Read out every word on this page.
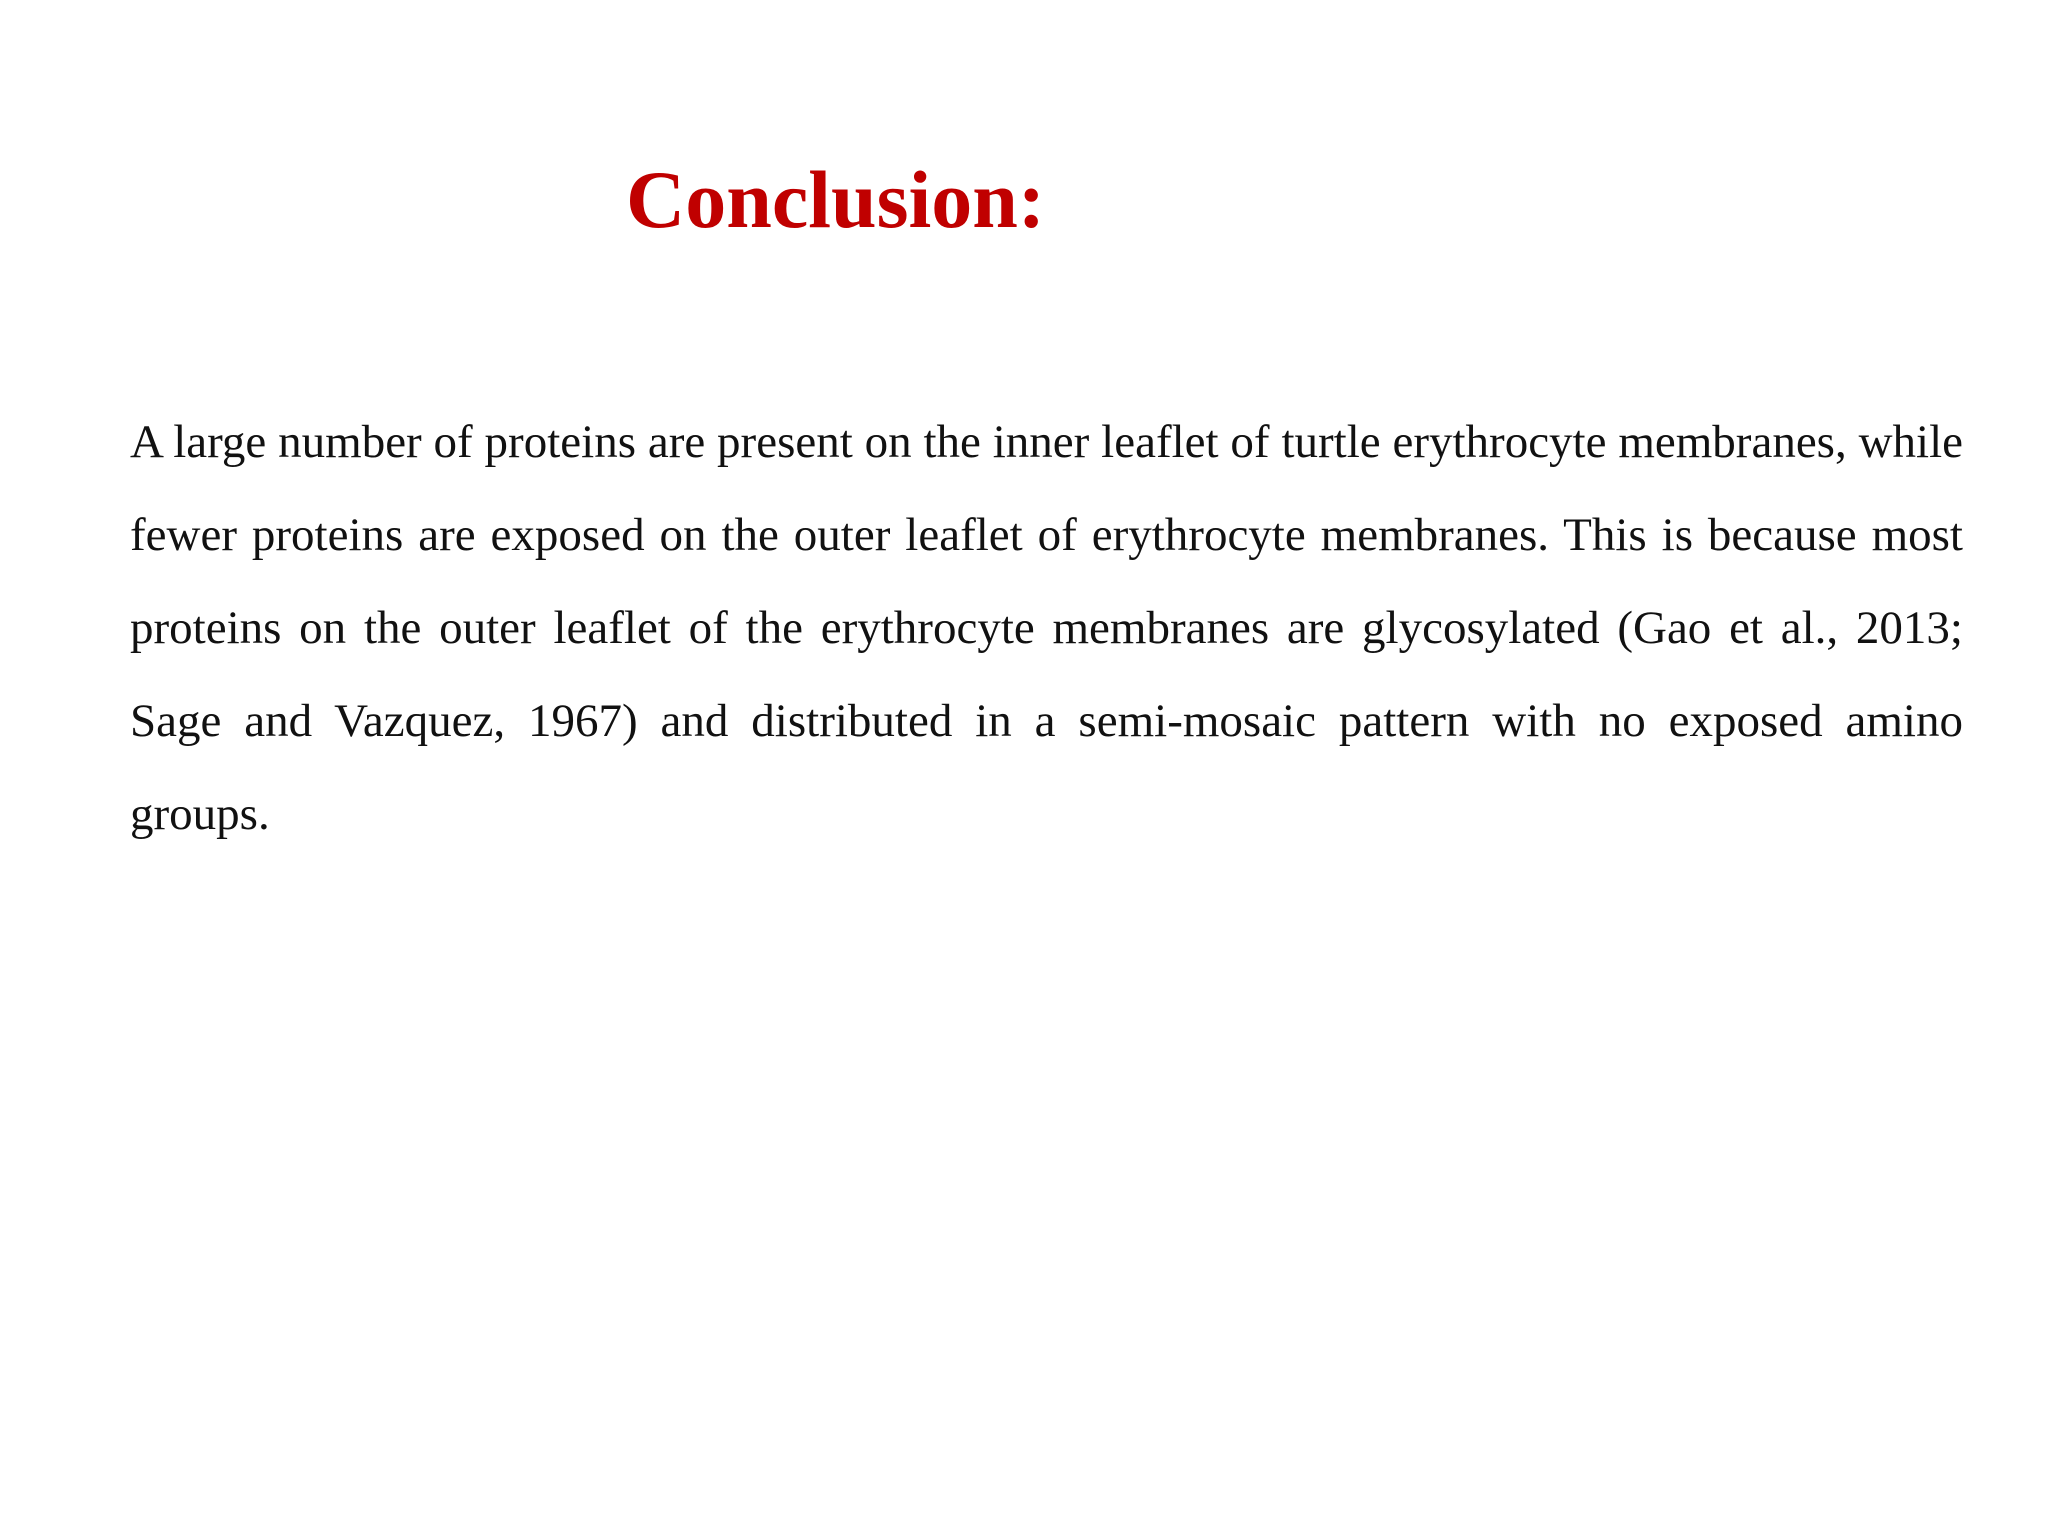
Conclusion:

A large number of proteins are present on the inner leaflet of turtle erythrocyte membranes, while fewer proteins are exposed on the outer leaflet of erythrocyte membranes. This is because most proteins on the outer leaflet of the erythrocyte membranes are glycosylated (Gao et al., 2013; Sage and Vazquez, 1967) and distributed in a semi-mosaic pattern with no exposed amino groups.
